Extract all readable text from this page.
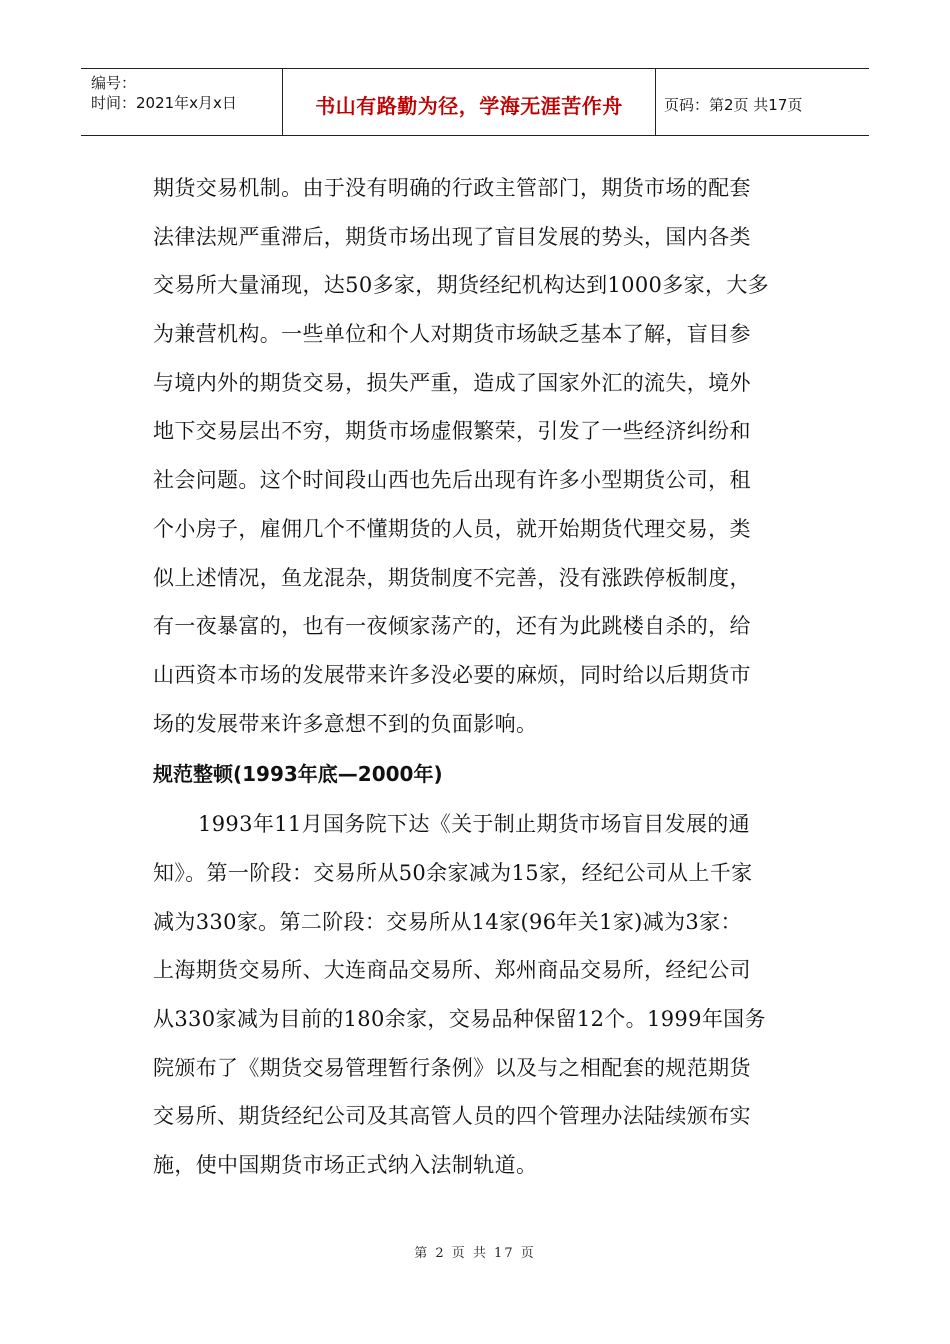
编号：
时间：2021年x月x日	书山有路勤为径，学海无涯苦作舟	页码：第2页 共17页
期货交易机制。由于没有明确的行政主管部门，期货市场的配套
法律法规严重滞后，期货市场出现了盲目发展的势头，国内各类
交易所大量涌现，达50多家，期货经纪机构达到1000多家，大多
为兼营机构。一些单位和个人对期货市场缺乏基本了解，盲目参
与境内外的期货交易，损失严重，造成了国家外汇的流失，境外
地下交易层出不穷，期货市场虚假繁荣，引发了一些经济纠纷和
社会问题。这个时间段山西也先后出现有许多小型期货公司，租
个小房子，雇佣几个不懂期货的人员，就开始期货代理交易，类
似上述情况，鱼龙混杂，期货制度不完善，没有涨跌停板制度，
有一夜暴富的，也有一夜倾家荡产的，还有为此跳楼自杀的，给
山西资本市场的发展带来许多没必要的麻烦，同时给以后期货市
场的发展带来许多意想不到的负面影响。
规范整顿(1993年底—2000年)
1993年11月国务院下达《关于制止期货市场盲目发展的通
知》。第一阶段：交易所从50余家减为15家，经纪公司从上千家
减为330家。第二阶段：交易所从14家(96年关1家)减为3家：
上海期货交易所、大连商品交易所、郑州商品交易所，经纪公司
从330家减为目前的180余家，交易品种保留12个。1999年国务
院颁布了《期货交易管理暂行条例》以及与之相配套的规范期货
交易所、期货经纪公司及其高管人员的四个管理办法陆续颁布实
施，使中国期货市场正式纳入法制轨道。
第 2 页 共 17 页
